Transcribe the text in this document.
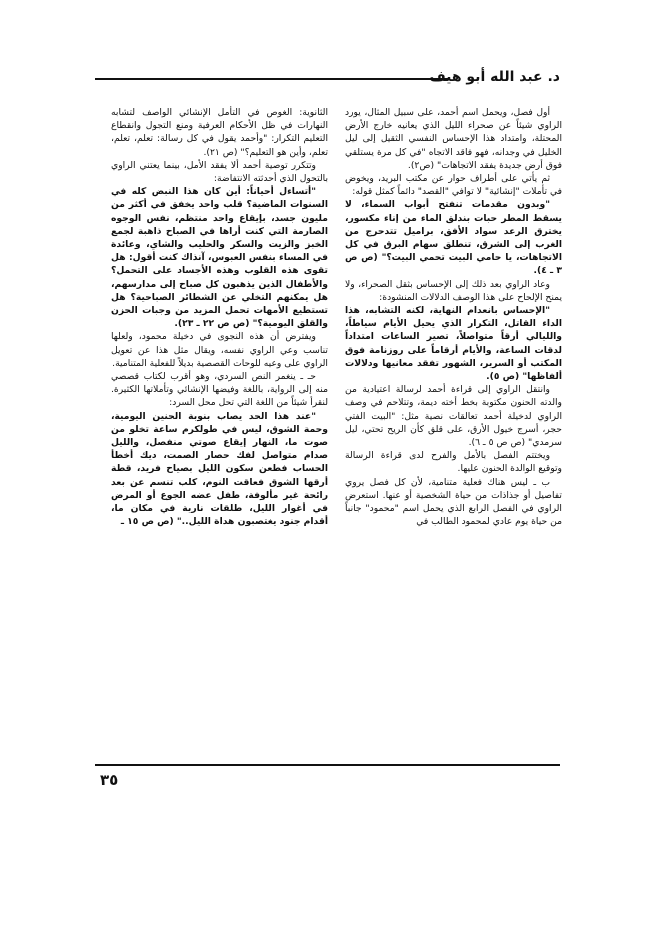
د. عبد الله أبو هيف

أول فصل، ويحمل اسم أحمد، على سبيل المثال، يورد الراوي شيئاً عن صحراء الليل الذي يعانيه خارج الأرض المحتلة، وامتداد هذا الإحساس النفسي الثقيل إلى ليل الخليل في وجدانه، فهو فاقد الاتجاه "في كل مرة يستلقي فوق أرض جديدة يفقد الاتجاهات" (ص٢).

ثم يأتي على أطراف حوار عن مكتب البريد، ويخوض في تأملات "إنشائية" لا توافي "القصد" دائماً كمثل قوله:

"وبدون مقدمات تنفتح أبواب السماء، لا يسقط المطر حبات بندلق الماء من إناء مكسور، يخترق الرعد سواد الأفق، براميل تتدحرج من الغرب إلى الشرق، تنطلق سهام البرق في كل الاتجاهات، يا حامي البيت تحمي البيت؟" (ص ص ٣ ـ ٤).

وعاد الراوي بعد ذلك إلى الإحساس بثقل الصحراء، ولا يمنح الإلحاح على هذا الوصف الدلالات المنشودة:

"الإحساس بانعدام النهاية، لكنه التشابه، هذا الداء القاتل، التكرار الذي يحيل الأيام سياطاً، والليالي أرقاً متواصلاً، تصير الساعات امتداداً لدقات الساعة، والأيام أرقاماً على روزنامة فوق المكتب أو السرير، الشهور تفقد معانيها ودلالات ألفاظها" (ص ٥).

وانتقل الراوي إلى قراءة أحمد لرسالة اعتيادية من والدته الحنون مكتوبة بخط أخته ديمة، وتتلاحم في وصف الراوي لدخيلة أحمد تعالقات نصية مثل: "البيت الفتي حجر، أسرج خيول الأرق، على قلق كأن الريح تحتي، ليل سرمدي" (ص ص ٥ ـ ٦).

ويختتم الفصل بالأمل والفرح لدى قراءة الرسالة وتوقيع الوالدة الحنون عليها.

ب ـ ليس هناك فعلية متنامية، لأن كل فصل يروي تفاصيل أو جذاذات من حياة الشخصية أو عنها. استعرض الراوي في الفصل الرابع الذي يحمل اسم "محمود" جانباً من حياة يوم عادي لمحمود الطالب في

الثانوية: الغوص في التأمل الإنشائي الواصف لتشابه النهارات في ظل الأحكام العرفية ومنع التجول وانقطاع التعليم التكرار: "وأحمد يقول في كل رسالة: تعلم، تعلم، تعلم، وأين هو التعليم؟" (ص ٢١).

وتتكرر توصية أحمد ألا يفقد الأمل، بينما يعتني الراوي بالتحول الذي أحدثته الانتفاضة:

"أتساءل أحياناً: أين كان هذا النبض كله في السنوات الماضية؟ قلب واحد يخفق في أكثر من مليون جسد، بإيقاع واحد منتظم، نفس الوجوه الصارمة التي كنت أراها في الصباح ذاهبة لجمع الخبز والزيت والسكر والحليب والشاي، وعائدة في المساء بنفس العبوس، آنذاك كنت أقول: هل تقوى هذه القلوب وهذه الأجساد على التحمل؟ والأطفال الذين يذهبون كل صباح إلى مدارسهم، هل يمكنهم التخلي عن الشطائر الصباحية؟ هل تستطيع الأمهات تحمل المزيد من وجبات الحزن والقلق اليومية؟" (ص ص ٢٢ ـ ٢٣).

ويفترض أن هذه النجوى في دخيلة محمود، ولعلها تناسب وعي الراوي نفسه، ويقال مثل هذا عن تعويل الراوي على وعيه للوحات القصصية بديلاً للفعلية المتنامية.

حـ ـ ينغمر النص السردي، وهو أقرب لكتاب قصصي منه إلى الرواية، باللغة وفيضها الإنشائي وتأملاتها الكثيرة. لنقرأ شيئاً من اللغة التي تحل محل السرد:

"عند هذا الحد يصاب بنوبة الحنين اليومية، وحمة الشوق، ليس في طولكرم ساعة تخلو من صوت ما، النهار إيقاع صوتي منفصل، والليل صدام متواصل لفك حصار الصمت، ديك أخطأ الحساب فطعن سكون الليل بصياح فريد، قطة أرقها الشوق فعاقت النوم، كلب تنسم عن بعد رائحة غير مألوفة، طفل عضه الجوع أو المرض في أغوار الليل، طلقات نارية في مكان ما، أقدام جنود يغتصبون هداة الليل.." (ص ص ١٥ ـ

٣٥
